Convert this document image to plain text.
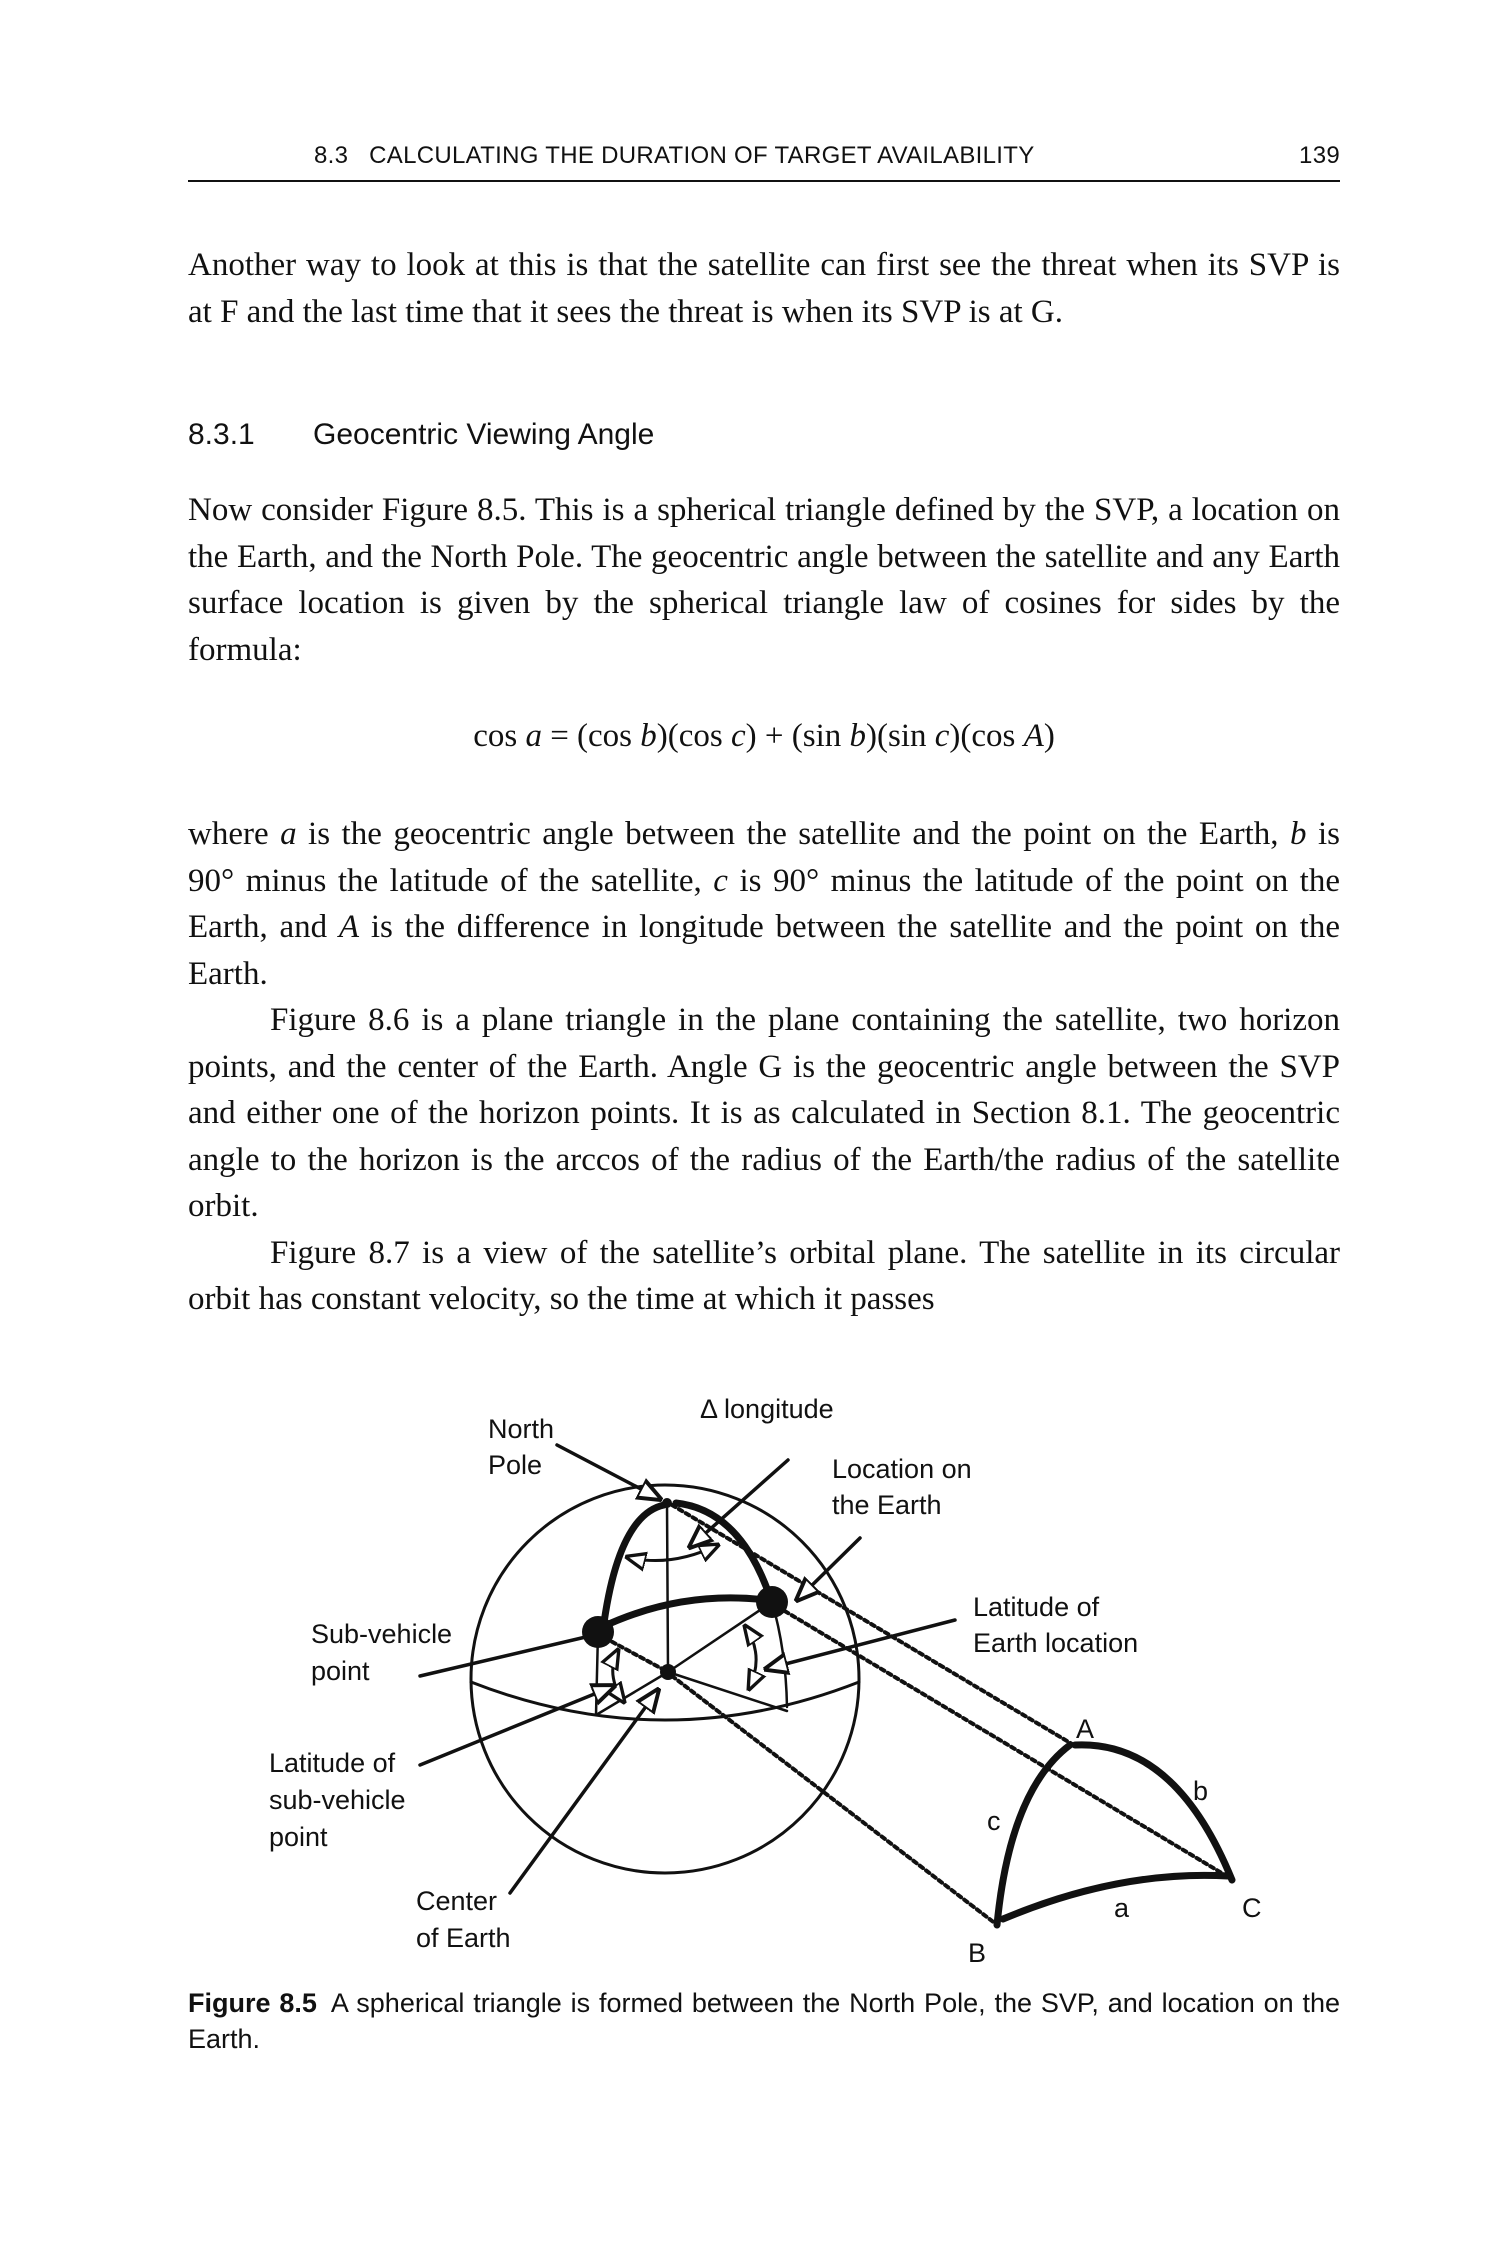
8.3   CALCULATING THE DURATION OF TARGET AVAILABILITY	139

Another way to look at this is that the satellite can first see the threat when its SVP is at F and the last time that it sees the threat is when its SVP is at G.

8.3.1 Geocentric Viewing Angle

Now consider Figure 8.5. This is a spherical triangle defined by the SVP, a location on the Earth, and the North Pole. The geocentric angle between the satellite and any Earth surface location is given by the spherical triangle law of cosines for sides by the formula:

cos a = (cos b)(cos c) + (sin b)(sin c)(cos A)

where a is the geocentric angle between the satellite and the point on the Earth, b is 90° minus the latitude of the satellite, c is 90° minus the latitude of the point on the Earth, and A is the difference in longitude between the satellite and the point on the Earth.

Figure 8.6 is a plane triangle in the plane containing the satellite, two horizon points, and the center of the Earth. Angle G is the geocentric angle between the SVP and either one of the horizon points. It is as calculated in Section 8.1. The geocentric angle to the horizon is the arccos of the radius of the Earth/the radius of the satellite orbit.

Figure 8.7 is a view of the satellite’s orbital plane. The satellite in its circular orbit has constant velocity, so the time at which it passes

Figure 8.5 A spherical triangle is formed between the North Pole, the SVP, and location on the Earth.
North
Pole
Δ longitude
Location on
the Earth
Latitude of
Earth location
Sub-vehicle
point
Latitude of
sub-vehicle
point
Center
of Earth
A
B
C
a
b
c
